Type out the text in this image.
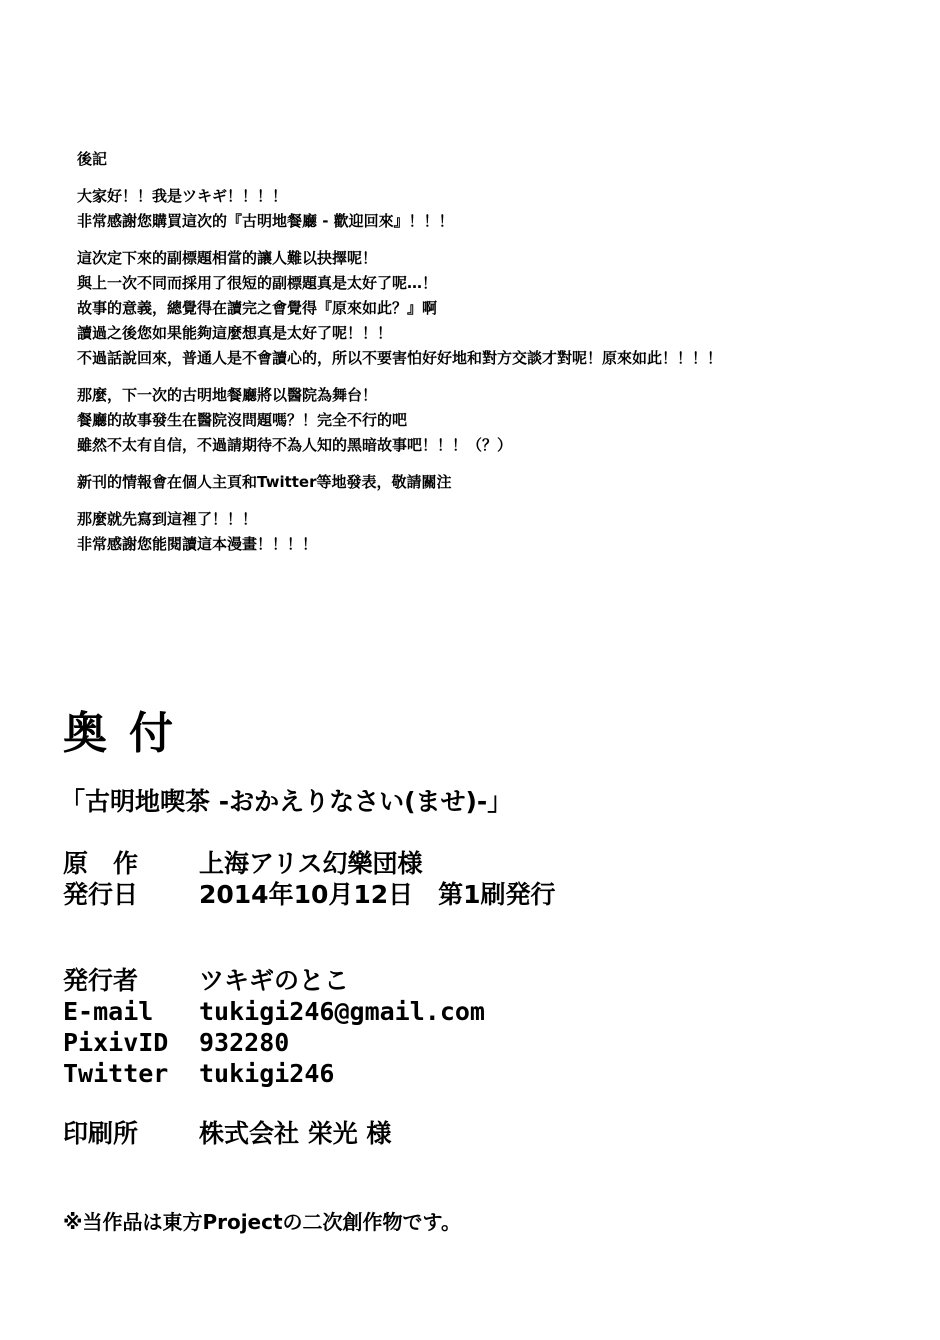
後記
大家好！！我是ツキギ！！！！
非常感謝您購買這次的『古明地餐廳 - 歡迎回來』！！！
這次定下來的副標題相當的讓人難以抉擇呢！
與上一次不同而採用了很短的副標題真是太好了呢…！
故事的意義，總覺得在讀完之會覺得『原來如此？』啊
讀過之後您如果能夠這麼想真是太好了呢！！！
不過話說回來，普通人是不會讀心的，所以不要害怕好好地和對方交談才對呢！原來如此！！！！
那麼，下一次的古明地餐廳將以醫院為舞台！
餐廳的故事發生在醫院沒問題嗎？！完全不行的吧
雖然不太有自信，不過請期待不為人知的黑暗故事吧！！！（？）
新刊的情報會在個人主頁和Twitter等地發表，敬請關注
那麼就先寫到這裡了！！！
非常感謝您能閱讀這本漫畫！！！！
奥付
「古明地喫茶 -おかえりなさい(ませ)-」
原　作	上海アリス幻樂団様
発行日	2014年10月12日　第1刷発行
発行者	ツキギのとこ
E-mail	tukigi246@gmail.com
PixivID	932280
Twitter	tukigi246
印刷所	株式会社 栄光 様
※当作品は東方Projectの二次創作物です。
